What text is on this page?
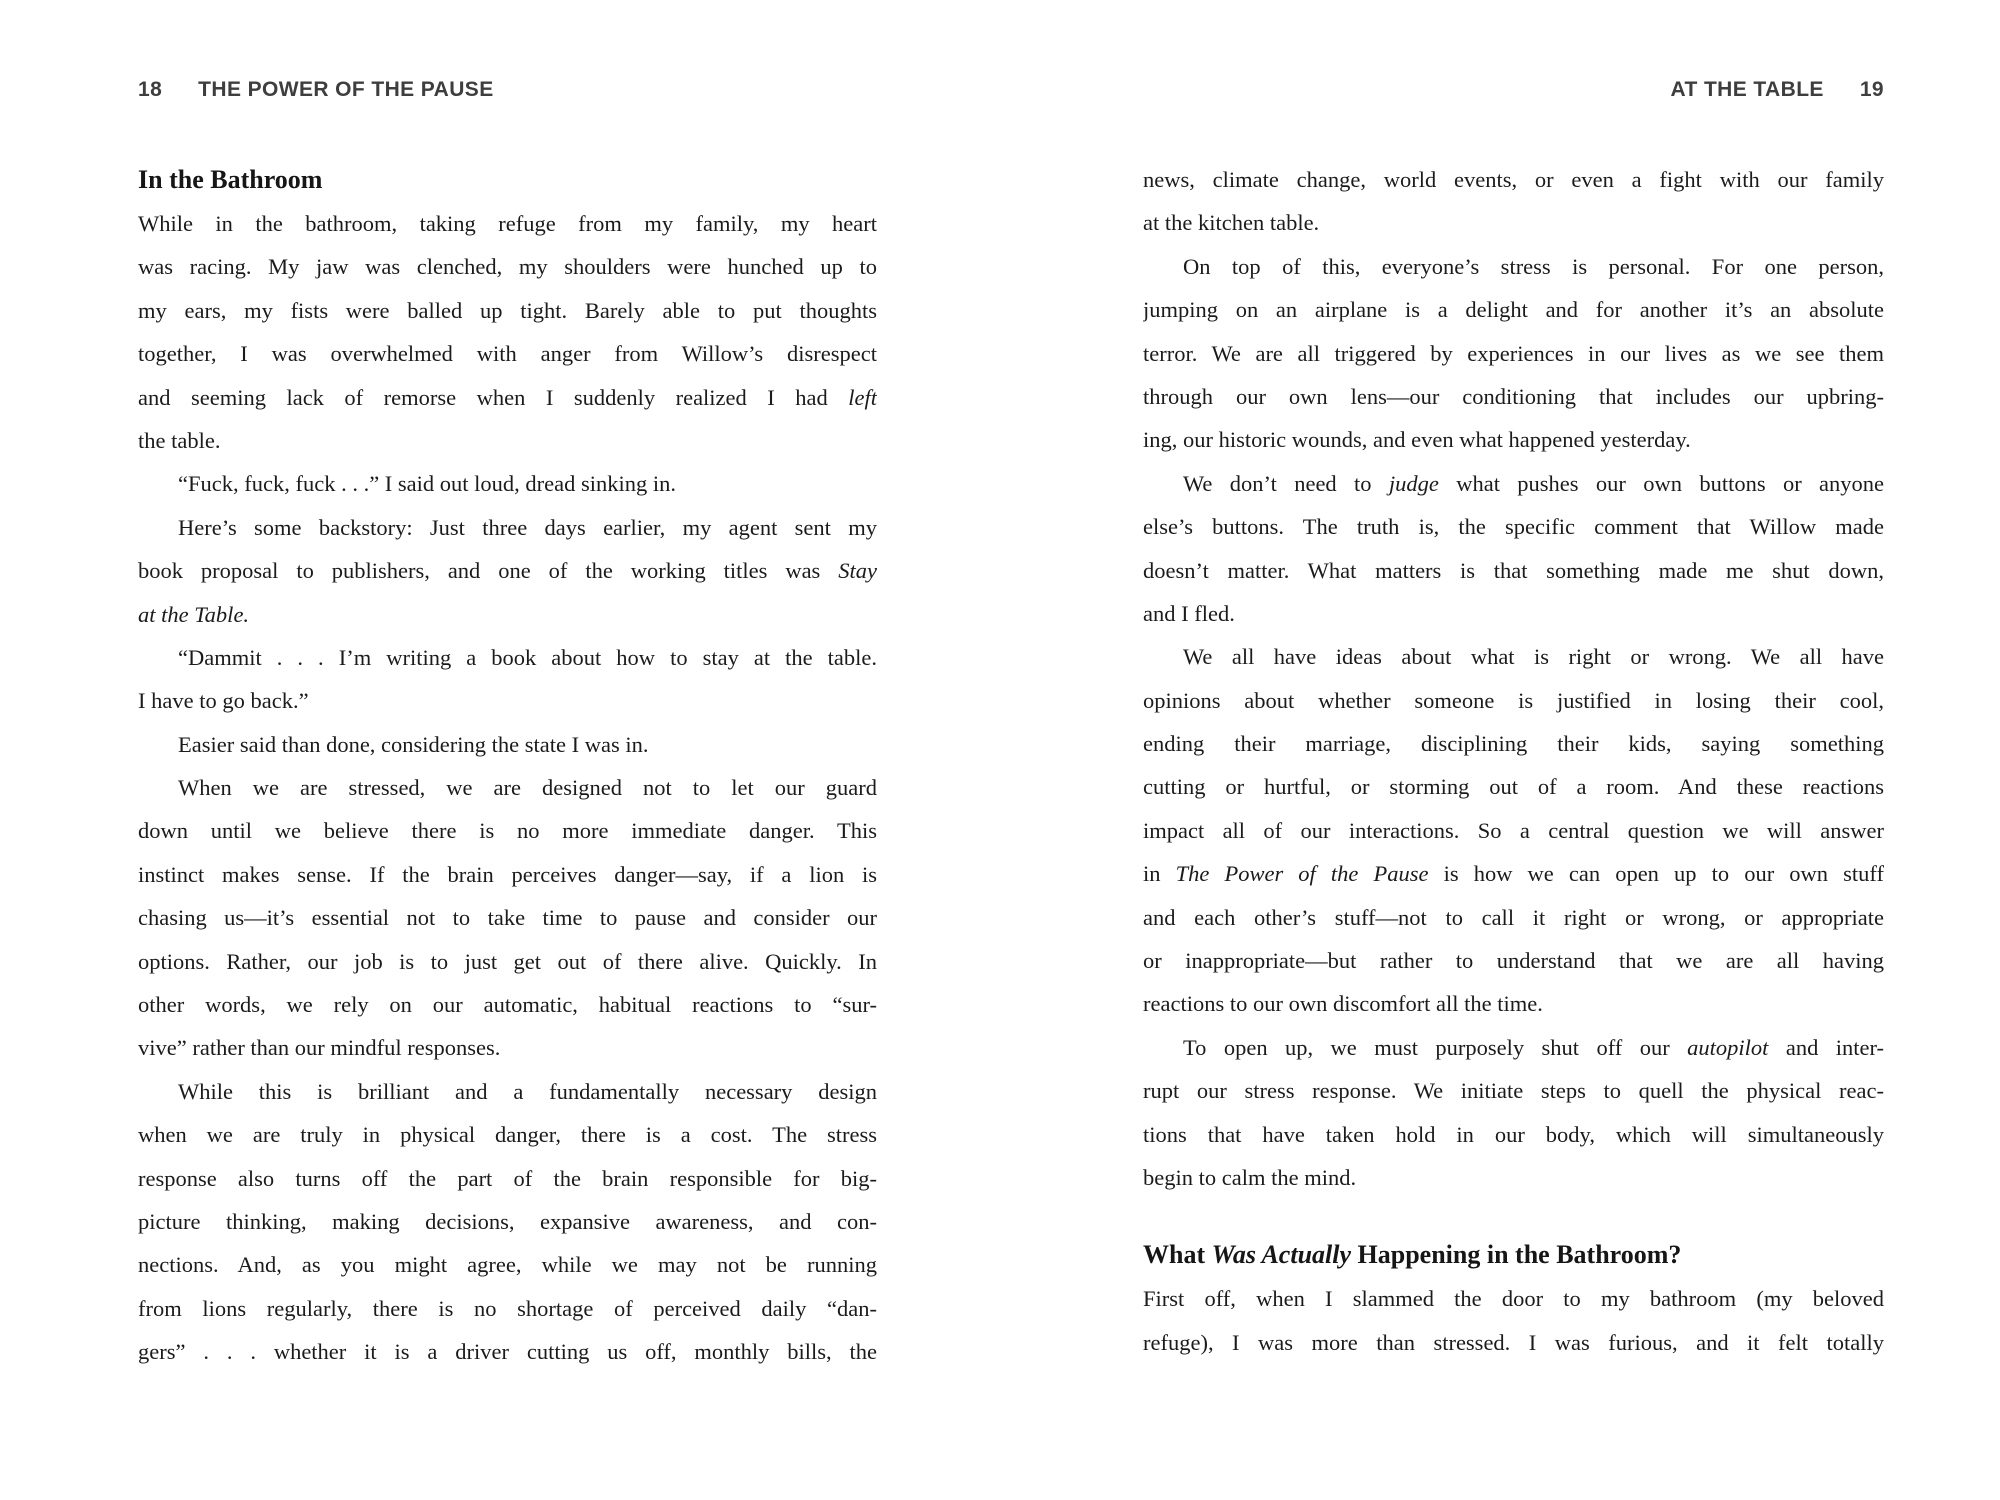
18 THE POWER OF THE PAUSE
In the Bathroom
While in the bathroom, taking refuge from my family, my heart
was racing. My jaw was clenched, my shoulders were hunched up to
my ears, my fists were balled up tight. Barely able to put thoughts
together, I was overwhelmed with anger from Willow’s disrespect
and seeming lack of remorse when I suddenly realized I had left
the table.
“Fuck, fuck, fuck . . .” I said out loud, dread sinking in.
Here’s some backstory: Just three days earlier, my agent sent my
book proposal to publishers, and one of the working titles was Stay
at the Table.
“Dammit . . . I’m writing a book about how to stay at the table.
I have to go back.”
Easier said than done, considering the state I was in.
When we are stressed, we are designed not to let our guard
down until we believe there is no more immediate danger. This
instinct makes sense. If the brain perceives danger—say, if a lion is
chasing us—it’s essential not to take time to pause and consider our
options. Rather, our job is to just get out of there alive. Quickly. In
other words, we rely on our automatic, habitual reactions to “sur-
vive” rather than our mindful responses.
While this is brilliant and a fundamentally necessary design
when we are truly in physical danger, there is a cost. The stress
response also turns off the part of the brain responsible for big-
picture thinking, making decisions, expansive awareness, and con-
nections. And, as you might agree, while we may not be running
from lions regularly, there is no shortage of perceived daily “dan-
gers” . . . whether it is a driver cutting us off, monthly bills, the
AT THE TABLE 19
news, climate change, world events, or even a fight with our family
at the kitchen table.
On top of this, everyone’s stress is personal. For one person,
jumping on an airplane is a delight and for another it’s an absolute
terror. We are all triggered by experiences in our lives as we see them
through our own lens—our conditioning that includes our upbring-
ing, our historic wounds, and even what happened yesterday.
We don’t need to judge what pushes our own buttons or anyone
else’s buttons. The truth is, the specific comment that Willow made
doesn’t matter. What matters is that something made me shut down,
and I fled.
We all have ideas about what is right or wrong. We all have
opinions about whether someone is justified in losing their cool,
ending their marriage, disciplining their kids, saying something
cutting or hurtful, or storming out of a room. And these reactions
impact all of our interactions. So a central question we will answer
in The Power of the Pause is how we can open up to our own stuff
and each other’s stuff—not to call it right or wrong, or appropriate
or inappropriate—but rather to understand that we are all having
reactions to our own discomfort all the time.
To open up, we must purposely shut off our autopilot and inter-
rupt our stress response. We initiate steps to quell the physical reac-
tions that have taken hold in our body, which will simultaneously
begin to calm the mind.
What Was Actually Happening in the Bathroom?
First off, when I slammed the door to my bathroom (my beloved
refuge), I was more than stressed. I was furious, and it felt totally
